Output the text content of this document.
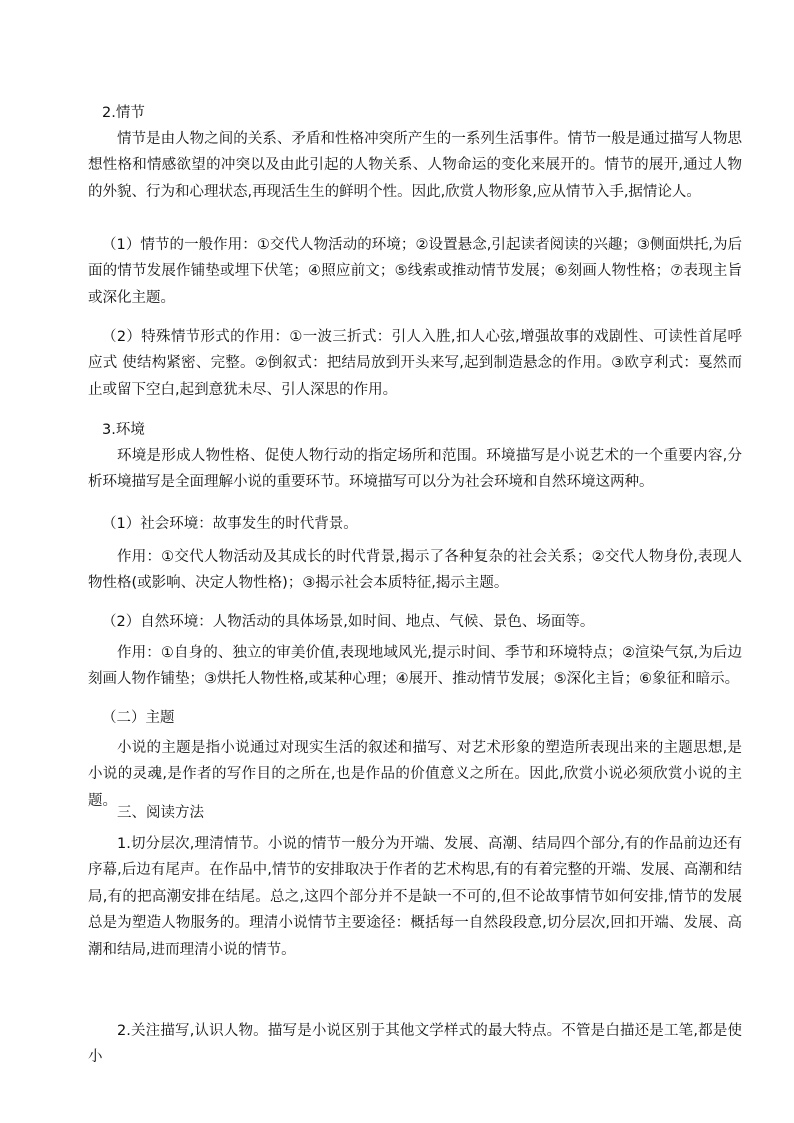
2.情节

情节是由人物之间的关系、矛盾和性格冲突所产生的一系列生活事件。情节一般是通过描写人物思想性格和情感欲望的冲突以及由此引起的人物关系、人物命运的变化来展开的。情节的展开,通过人物的外貌、行为和心理状态,再现活生生的鲜明个性。因此,欣赏人物形象,应从情节入手,据情论人。

（1）情节的一般作用：①交代人物活动的环境；②设置悬念,引起读者阅读的兴趣；③侧面烘托,为后面的情节发展作铺垫或埋下伏笔；④照应前文；⑤线索或推动情节发展；⑥刻画人物性格；⑦表现主旨或深化主题。

（2）特殊情节形式的作用：①一波三折式：引人入胜,扣人心弦,增强故事的戏剧性、可读性首尾呼应式 使结构紧密、完整。②倒叙式：把结局放到开头来写,起到制造悬念的作用。③欧亨利式：戛然而止或留下空白,起到意犹未尽、引人深思的作用。

3.环境

环境是形成人物性格、促使人物行动的指定场所和范围。环境描写是小说艺术的一个重要内容,分析环境描写是全面理解小说的重要环节。环境描写可以分为社会环境和自然环境这两种。

（1）社会环境：故事发生的时代背景。

作用：①交代人物活动及其成长的时代背景,揭示了各种复杂的社会关系；②交代人物身份,表现人物性格(或影响、决定人物性格)；③揭示社会本质特征,揭示主题。

（2）自然环境：人物活动的具体场景,如时间、地点、气候、景色、场面等。

作用：①自身的、独立的审美价值,表现地域风光,提示时间、季节和环境特点；②渲染气氛,为后边刻画人物作铺垫；③烘托人物性格,或某种心理；④展开、推动情节发展；⑤深化主旨；⑥象征和暗示。

（二）主题

小说的主题是指小说通过对现实生活的叙述和描写、对艺术形象的塑造所表现出来的主题思想,是小说的灵魂,是作者的写作目的之所在,也是作品的价值意义之所在。因此,欣赏小说必须欣赏小说的主题。

三、阅读方法

1.切分层次,理清情节。小说的情节一般分为开端、发展、高潮、结局四个部分,有的作品前边还有序幕,后边有尾声。在作品中,情节的安排取决于作者的艺术构思,有的有着完整的开端、发展、高潮和结局,有的把高潮安排在结尾。总之,这四个部分并不是缺一不可的,但不论故事情节如何安排,情节的发展总是为塑造人物服务的。理清小说情节主要途径：概括每一自然段段意,切分层次,回扣开端、发展、高潮和结局,进而理清小说的情节。

2.关注描写,认识人物。描写是小说区别于其他文学样式的最大特点。不管是白描还是工笔,都是使小
